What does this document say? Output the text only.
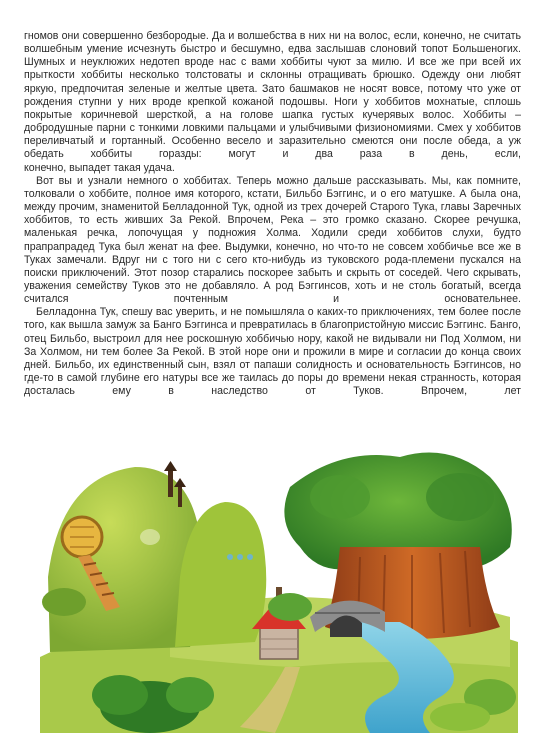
гномов они совершенно безбородые. Да и волшебства в них ни на волос, если, конечно, не считать волшебным умение исчезнуть быстро и бесшумно, едва заслышав слоновий топот Большеногих. Шумных и неуклюжих недотеп вроде нас с вами хоббиты чуют за милю. И все же при всей их прыткости хоббиты несколько толстоваты и склонны отращивать брюшко. Одежду они любят яркую, предпочитая зеленые и желтые цвета. Зато башмаков не носят вовсе, потому что уже от рождения ступни у них вроде крепкой кожаной подошвы. Ноги у хоббитов мохнатые, сплошь покрытые коричневой шерсткой, а на голове шапка густых кучерявых волос. Хоббиты – добродушные парни с тонкими ловкими пальцами и улыбчивыми физиономиями. Смех у хоббитов переливчатый и гортанный. Особенно весело и заразительно смеются они после обеда, а уж обедать хоббиты горазды: могут и два раза в день, если,
конечно, выпадет такая удача.

Вот вы и узнали немного о хоббитах. Теперь можно дальше рассказывать. Мы, как помните, толковали о хоббите, полное имя которого, кстати, Бильбо Бэггинс, и о его матушке. А была она, между прочим, знаменитой Белладонной Тук, одной из трех дочерей Старого Тука, главы Заречных хоббитов, то есть живших За Рекой. Впрочем, Река – это громко сказано. Скорее речушка, маленькая речка, лопочущая у подножия Холма. Ходили среди хоббитов слухи, будто прапрапрадед Тука был женат на фее. Выдумки, конечно, но что-то не совсем хоббичье все же в Туках замечали. Вдруг ни с того ни с сего кто-нибудь из туковского рода-племени пускался на поиски приключений. Этот позор старались поскорее забыть и скрыть от соседей. Чего скрывать, уважения семейству Туков это не добавляло. А род Бэггинсов, хоть и не столь богатый, всегда считался почтенным и	основательнее.

Белладонна Тук, спешу вас уверить, и не помышляла о каких-то приключениях, тем более после того, как вышла замуж за Банго Бэггинса и превратилась в благопристойную миссис Бэггинс. Банго, отец Бильбо, выстроил для нее роскошную хоббичью нору, какой не видывали ни Под Холмом, ни За Холмом, ни тем более За Рекой. В этой норе они и прожили в мире и согласии до конца своих дней. Бильбо, их единственный сын, взял от папаши солидность и основательность Бэггинсов, но где-то в самой глубине его натуры все же таилась до поры до времени некая странность, которая досталась ему в наследство от Туков. Впрочем, лет
